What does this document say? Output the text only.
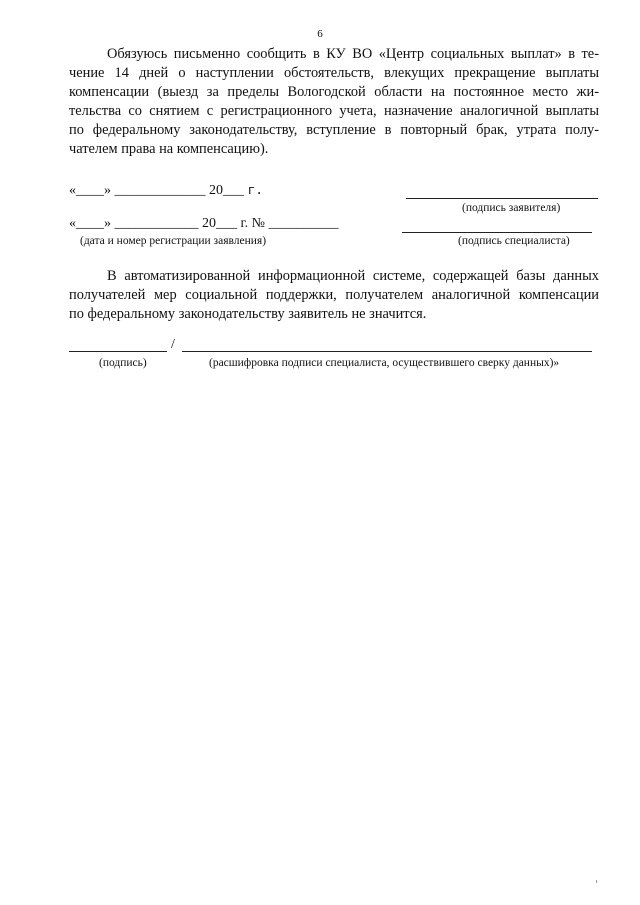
6
Обязуюсь письменно сообщить в КУ ВО «Центр социальных выплат» в те-
чение 14 дней о наступлении обстоятельств, влекущих прекращение выплаты
компенсации (выезд за пределы Вологодской области на постоянное место жи-
тельства со снятием с регистрационного учета, назначение аналогичной выплаты
по федеральному законодательству, вступление в повторный брак, утрата полу-
чателем права на компенсацию).
«____» _____________ 20___ г.
(подпись заявителя)
«____» ____________ 20___ г. № __________
(дата и номер регистрации заявления)	(подпись специалиста)
В автоматизированной информационной системе, содержащей базы данных
получателей мер социальной поддержки, получателем аналогичной компенсации
по федеральному законодательству заявитель не значится.
/
(подпись)	(расшифровка подписи специалиста, осуществившего сверку данных)»
